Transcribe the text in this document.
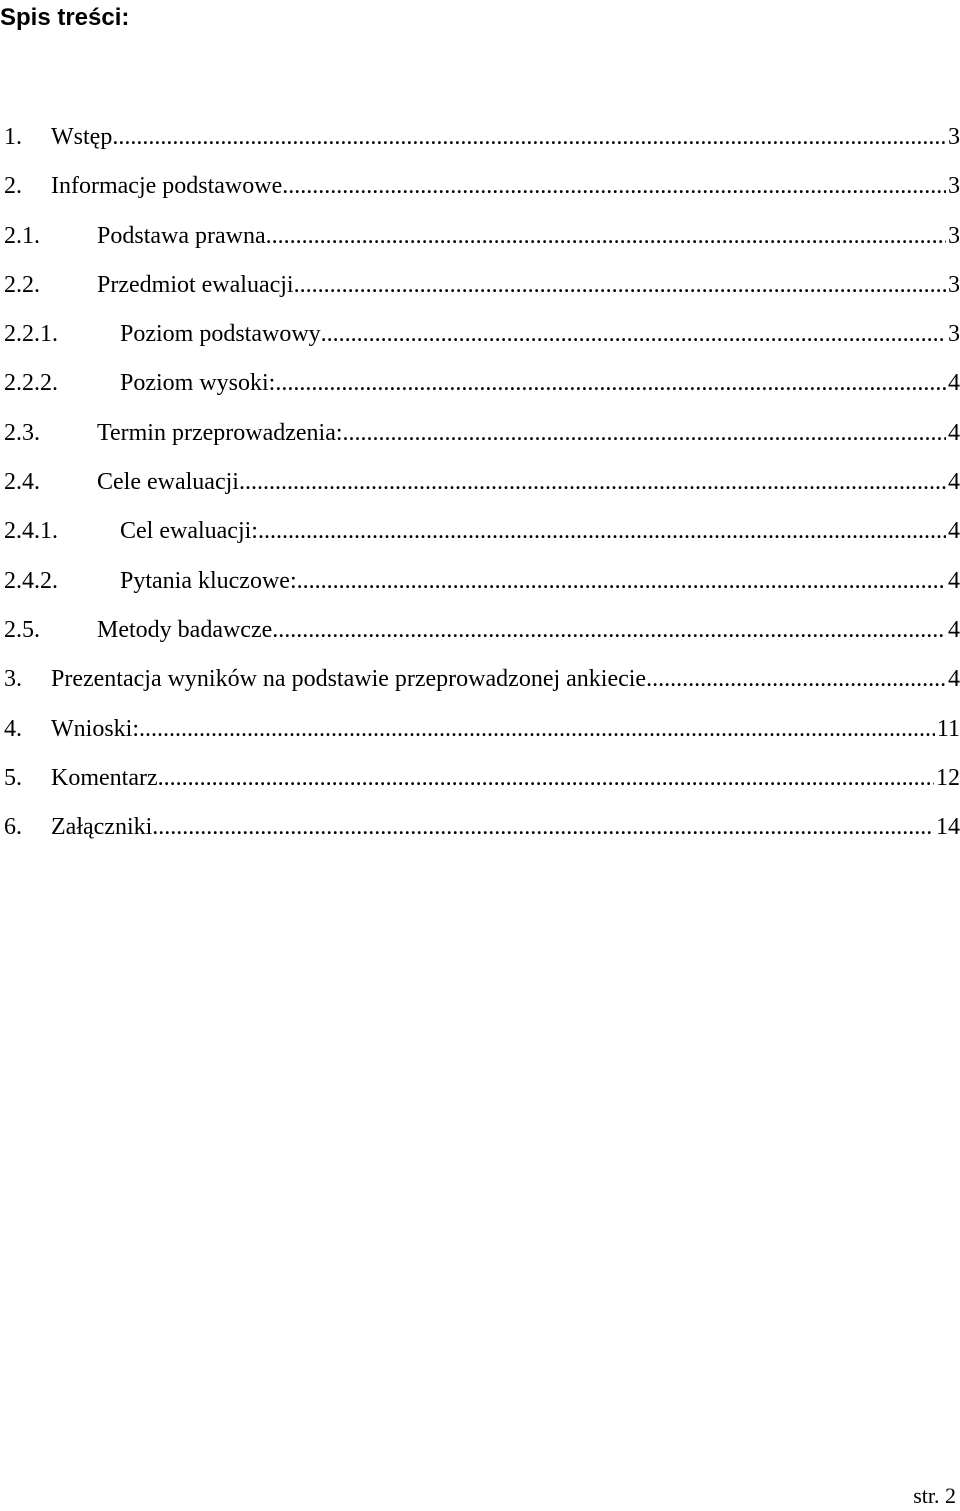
Spis treści:
1. Wstęp .....	3
2. Informacje podstawowe .....	3
2.1. Podstawa prawna .....	3
2.2. Przedmiot ewaluacji .....	3
2.2.1.	Poziom podstawowy .....	3
2.2.2.	Poziom wysoki: .....	4
2.3. Termin przeprowadzenia: .....	4
2.4. Cele ewaluacji .....	4
2.4.1.	Cel ewaluacji: .....	4
2.4.2.	Pytania kluczowe: .....	4
2.5. Metody badawcze .....	4
3. Prezentacja wyników na podstawie przeprowadzonej ankiecie .....	4
4. Wnioski: .....	11
5. Komentarz .....	12
6. Załączniki .....	14
str. 2
